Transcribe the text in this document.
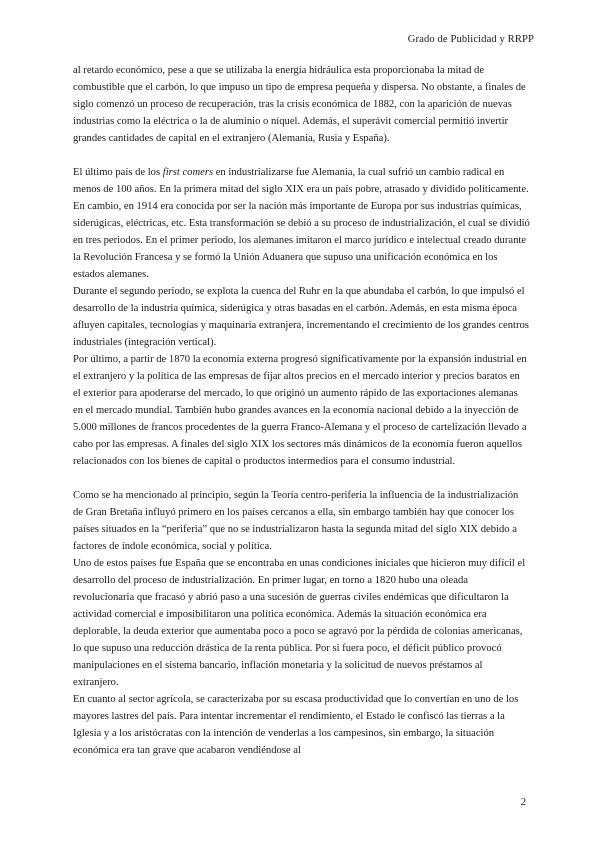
Grado de Publicidad y RRPP

al retardo económico, pese a que se utilizaba la energía hidráulica esta proporcionaba la mitad de combustible que el carbón, lo que impuso un tipo de empresa pequeña y dispersa. No obstante, a finales de siglo comenzó un proceso de recuperación, tras la crisis económica de 1882, con la aparición de nuevas industrias como la eléctrica o la de aluminio o níquel. Además, el superávit comercial permitió invertir grandes cantidades de capital en el extranjero (Alemania, Rusia y España).

El último país de los first comers en industrializarse fue Alemania, la cual sufrió un cambio radical en menos de 100 años. En la primera mitad del siglo XIX era un país pobre, atrasado y dividido políticamente. En cambio, en 1914 era conocida por ser la nación más importante de Europa por sus industrias químicas, siderúgicas, eléctricas, etc. Esta transformación se debió a su proceso de industrialización, el cual se dividió en tres periodos. En el primer periodo, los alemanes imitaron el marco jurídico e intelectual creado durante la Revolución Francesa y se formó la Unión Aduanera que supuso una unificación económica en los estados alemanes.

Durante el segundo periodo, se explota la cuenca del Ruhr en la que abundaba el carbón, lo que impulsó el desarrollo de la industria química, siderúgica y otras basadas en el carbón. Además, en esta misma época afluyen capitales, tecnologías y maquinaria extranjera, incrementando el crecimiento de los grandes centros industriales (integración vertical).

Por último, a partir de 1870 la economía externa progresó significativamente por la expansión industrial en el extranjero y la política de las empresas de fijar altos precios en el mercado interior y precios baratos en el exterior para apoderarse del mercado, lo que originó un aumento rápido de las exportaciones alemanas en el mercado mundial. También hubo grandes avances en la economía nacional debido a la inyección de 5.000 millones de francos procedentes de la guerra Franco-Alemana y el proceso de cartelización llevado a cabo por las empresas. A finales del siglo XIX los sectores más dinámicos de la economía fueron aquellos relacionados con los bienes de capital o productos intermedios para el consumo industrial.

Como se ha mencionado al principio, según la Teoría centro-periferia la influencia de la industrialización de Gran Bretaña influyó primero en los países cercanos a ella, sin embargo también hay que conocer los países situados en la “periferia” que no se industrializaron hasta la segunda mitad del siglo XIX debido a factores de índole económica, social y política.

Uno de estos países fue España que se encontraba en unas condiciones iniciales que hicieron muy difícil el desarrollo del proceso de industrialización. En primer lugar, en torno a 1820 hubo una oleada revolucionaria que fracasó y abrió paso a una sucesión de guerras civiles endémicas que dificultaron la actividad comercial e imposibilitaron una política económica. Además la situación económica era deplorable, la deuda exterior que aumentaba poco a poco se agravó por la pérdida de colonias americanas, lo que supuso una reducción drástica de la renta pública. Por si fuera poco, el déficit público provocó manipulaciones en el sistema bancario, inflación monetaria y la solicitud de nuevos préstamos al extranjero.

En cuanto al sector agrícola, se caracterizaba por su escasa productividad que lo convertían en uno de los mayores lastres del país. Para intentar incrementar el rendimiento, el Estado le confiscó las tierras a la Iglesia y a los aristócratas con la intención de venderlas a los campesinos, sin embargo, la situación económica era tan grave que acabaron vendiéndose al

2
